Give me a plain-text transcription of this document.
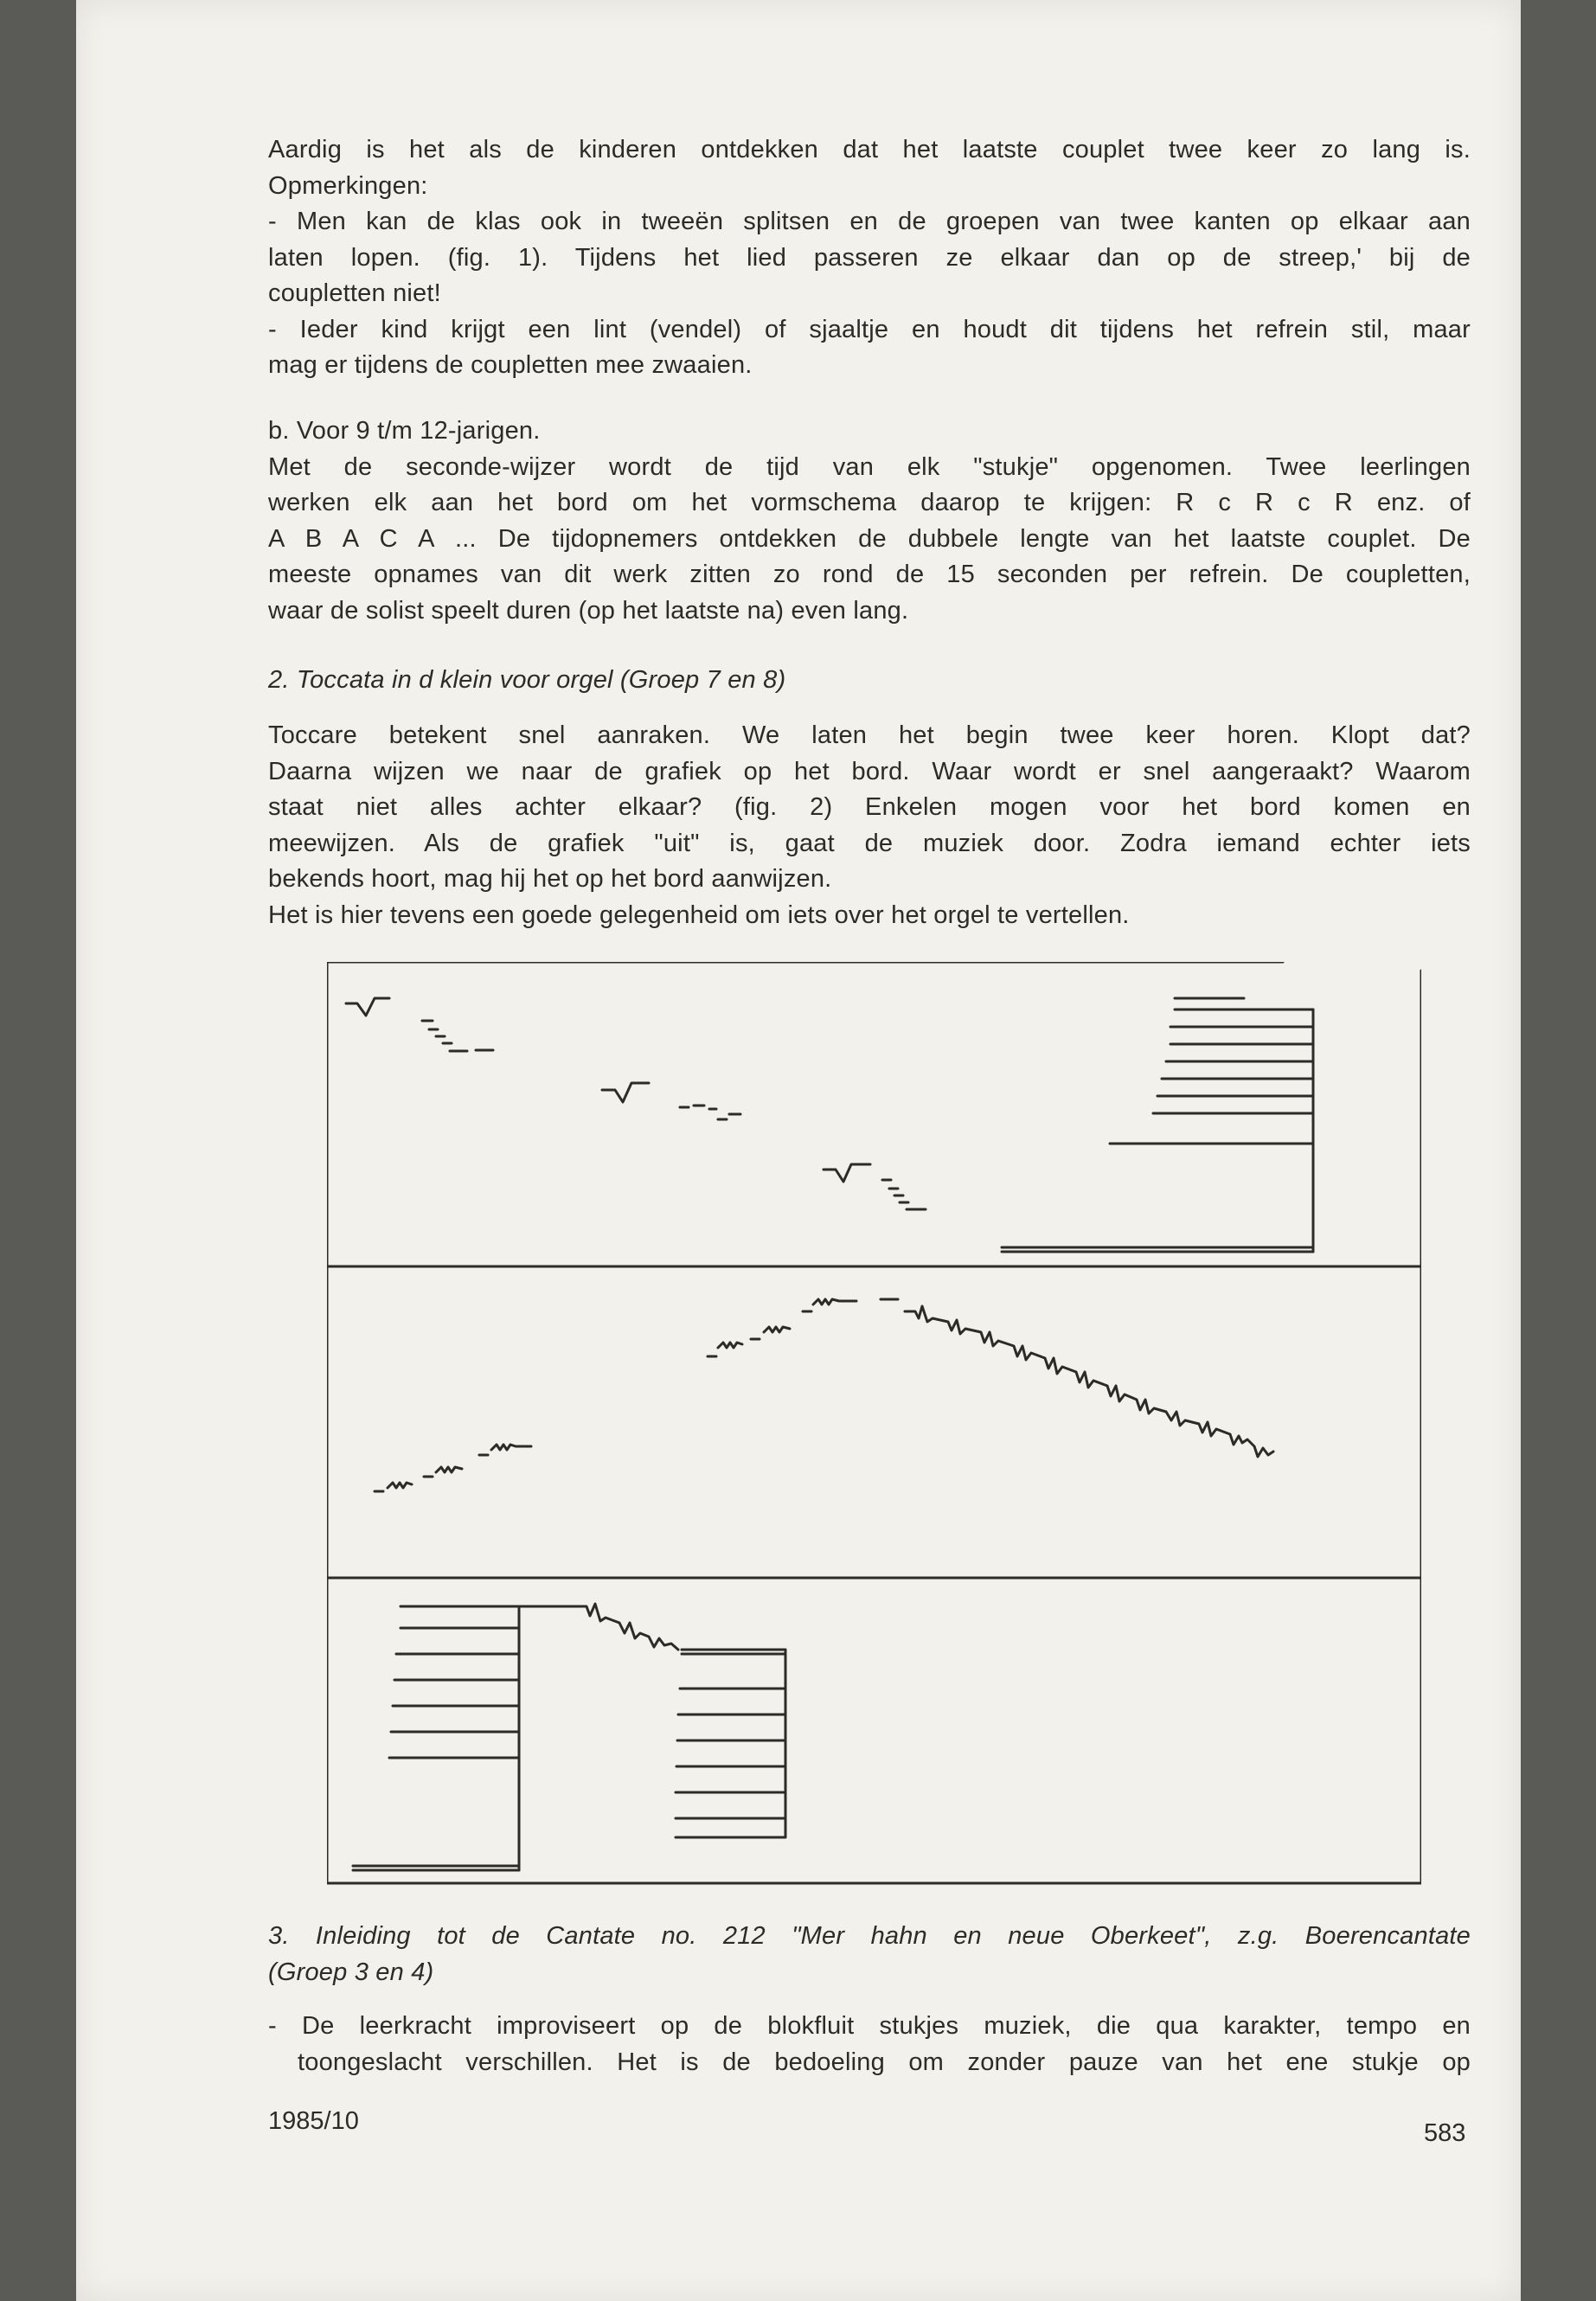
Aardig is het als de kinderen ontdekken dat het laatste couplet twee keer zo lang is.
Opmerkingen:
- Men kan de klas ook in tweeën splitsen en de groepen van twee kanten op elkaar aan
laten lopen. (fig. 1). Tijdens het lied passeren ze elkaar dan op de streep,' bij de
coupletten niet!
- Ieder kind krijgt een lint (vendel) of sjaaltje en houdt dit tijdens het refrein stil, maar
mag er tijdens de coupletten mee zwaaien.
b. Voor 9 t/m 12-jarigen.
Met de seconde-wijzer wordt de tijd van elk "stukje" opgenomen. Twee leerlingen
werken elk aan het bord om het vormschema daarop te krijgen: R c R c R enz. of
A B A C A ... De tijdopnemers ontdekken de dubbele lengte van het laatste couplet. De
meeste opnames van dit werk zitten zo rond de 15 seconden per refrein. De coupletten,
waar de solist speelt duren (op het laatste na) even lang.
2. Toccata in d klein voor orgel (Groep 7 en 8)
Toccare betekent snel aanraken. We laten het begin twee keer horen. Klopt dat?
Daarna wijzen we naar de grafiek op het bord. Waar wordt er snel aangeraakt? Waarom
staat niet alles achter elkaar? (fig. 2) Enkelen mogen voor het bord komen en
meewijzen. Als de grafiek "uit" is, gaat de muziek door. Zodra iemand echter iets
bekends hoort, mag hij het op het bord aanwijzen.
Het is hier tevens een goede gelegenheid om iets over het orgel te vertellen.
3. Inleiding tot de Cantate no. 212 "Mer hahn en neue Oberkeet", z.g. Boerencantate
(Groep 3 en 4)
- De leerkracht improviseert op de blokfluit stukjes muziek, die qua karakter, tempo en
toongeslacht verschillen. Het is de bedoeling om zonder pauze van het ene stukje op
1985/10	583
